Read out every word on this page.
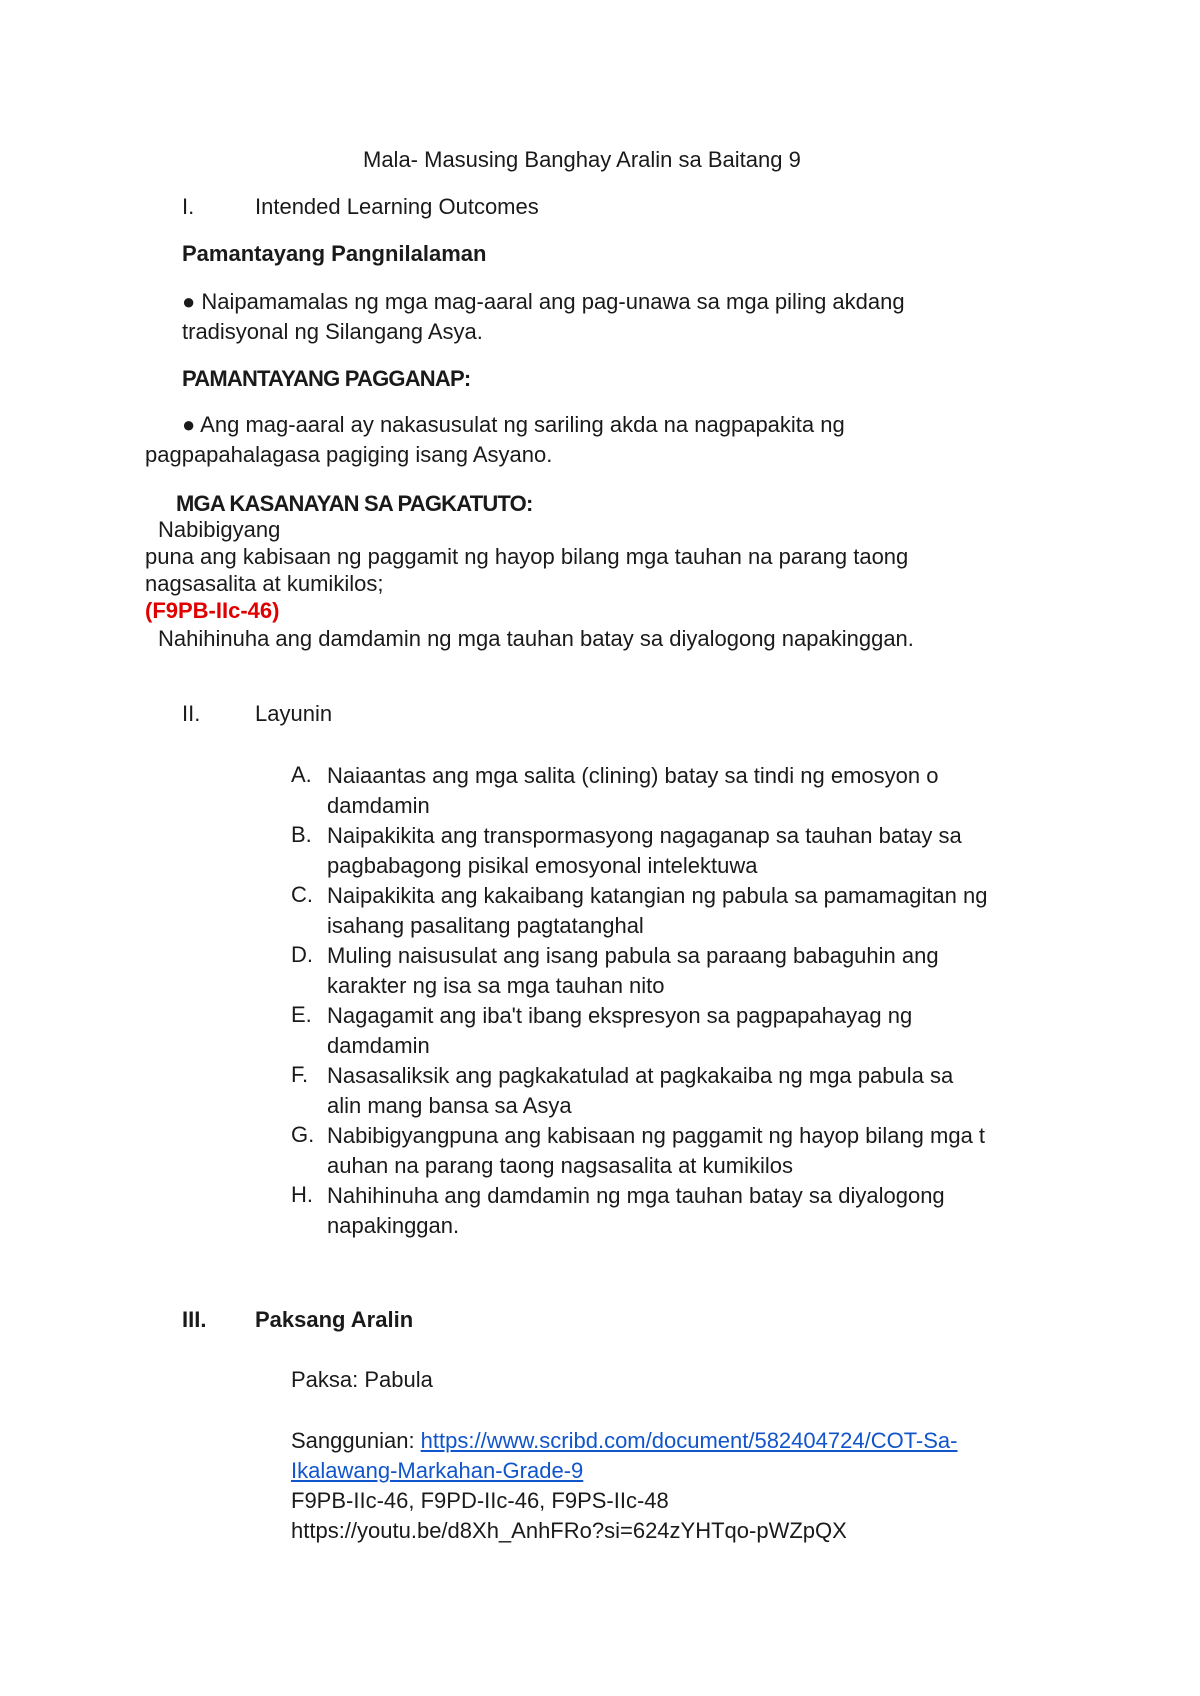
Mala- Masusing Banghay Aralin sa Baitang 9
I.	Intended Learning Outcomes
Pamantayang Pangnilalaman
● Naipamamalas ng mga mag-aaral ang pag-unawa sa mga piling akdang
tradisyonal ng Silangang Asya.
PAMANTAYANG PAGGANAP:
● Ang mag-aaral ay nakasusulat ng sariling akda na nagpapakita ng
pagpapahalagasa pagiging isang Asyano.
MGA KASANAYAN SA PAGKATUTO:
Nabibigyang
puna ang kabisaan ng paggamit ng hayop bilang mga tauhan na parang taong
nagsasalita at kumikilos;
(F9PB-IIc-46)
Nahihinuha ang damdamin ng mga tauhan batay sa diyalogong napakinggan.
II. Layunin
A. Naiaantas ang mga salita (clining) batay sa tindi ng emosyon o
damdamin
B. Naipakikita ang transpormasyong nagaganap sa tauhan batay sa
pagbabagong pisikal emosyonal intelektuwa
C. Naipakikita ang kakaibang katangian ng pabula sa pamamagitan ng
isahang pasalitang pagtatanghal
D. Muling naisusulat ang isang pabula sa paraang babaguhin ang
karakter ng isa sa mga tauhan nito
E. Nagagamit ang iba't ibang ekspresyon sa pagpapahayag ng
damdamin
F. Nasasaliksik ang pagkakatulad at pagkakaiba ng mga pabula sa
alin mang bansa sa Asya
G. Nabibigyangpuna ang kabisaan ng paggamit ng hayop bilang mga t
auhan na parang taong nagsasalita at kumikilos
H. Nahihinuha ang damdamin ng mga tauhan batay sa diyalogong
napakinggan.
III. Paksang Aralin
Paksa: Pabula
Sanggunian: https://www.scribd.com/document/582404724/COT-Sa-
Ikalawang-Markahan-Grade-9
F9PB-IIc-46, F9PD-IIc-46, F9PS-IIc-48
https://youtu.be/d8Xh_AnhFRo?si=624zYHTqo-pWZpQX
